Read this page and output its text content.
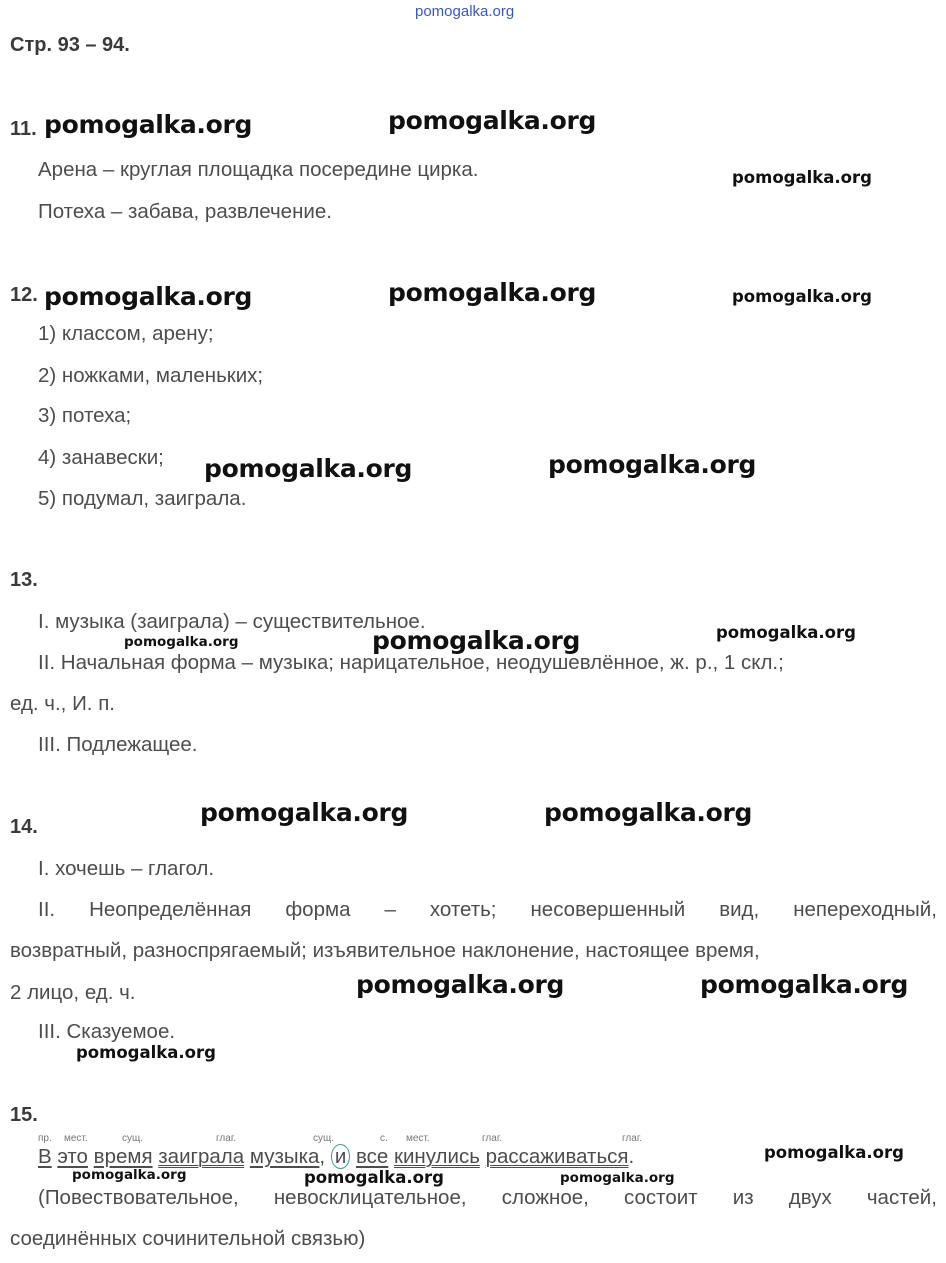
pomogalka.org
Стр. 93 – 94.
11.
Арена – круглая площадка посередине цирка.
Потеха – забава, развлечение.
12.
1) классом, арену;
2) ножками, маленьких;
3) потеха;
4) занавески;
5) подумал, заиграла.
13.
I. музыка (заиграла) – существительное.
II. Начальная форма – музыка; нарицательное, неодушевлённое, ж. р., 1 скл.;
ед. ч., И. п.
III. Подлежащее.
14.
I. хочешь – глагол.
II. Неопределённая форма – хотеть; несовершенный вид, непереходный,
возвратный, разноспрягаемый; изъявительное наклонение, настоящее время,
2 лицо, ед. ч.
III. Сказуемое.
15.
пр. мест.	сущ.	глаг.	сущ.	с. мест.	глаг.	глаг.
В это время заиграла музыка, и все кинулись рассаживаться.
(Повествовательное, невосклицательное, сложное, состоит из двух частей,
соединённых сочинительной связью)
pomogalka.org	pomogalka.org
pomogalka.org
pomogalka.org	pomogalka.org	pomogalka.org
pomogalka.org	pomogalka.org
pomogalka.org	pomogalka.org	pomogalka.org
pomogalka.org	pomogalka.org
pomogalka.org	pomogalka.org
pomogalka.org
pomogalka.org
pomogalka.org	pomogalka.org	pomogalka.org
